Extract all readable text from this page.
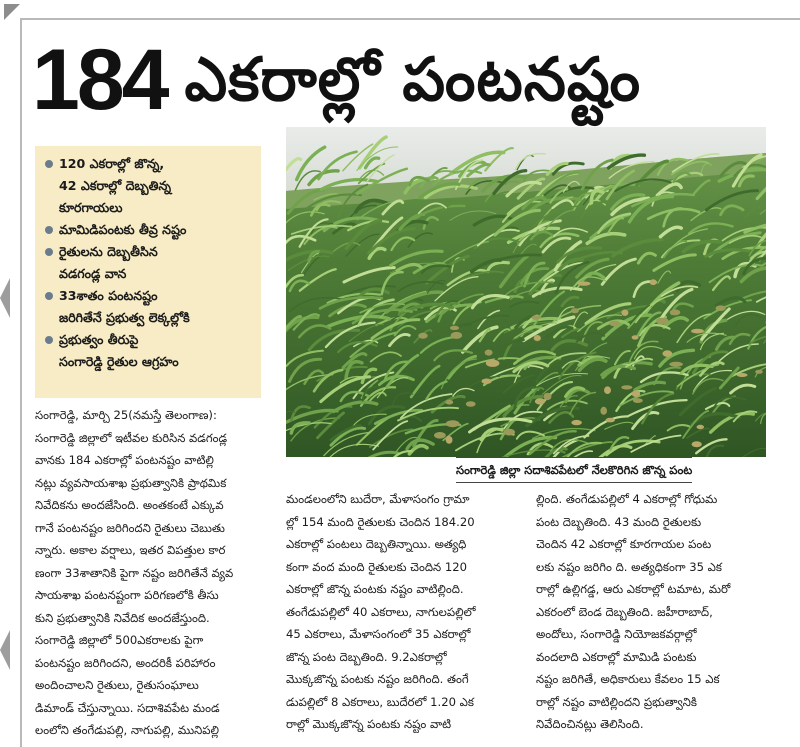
184 ఎకరాల్లో పంటనష్టం
120 ఎకరాల్లో జొన్న,
42 ఎకరాల్లో దెబ్బతిన్న
కూరగాయలు
మామిడిపంటకు తీవ్ర నష్టం
రైతులను దెబ్బతీసిన
వడగండ్ల వాన
33శాతం పంటనష్టం
జరిగితేనే ప్రభుత్వ లెక్కల్లోకి
ప్రభుత్వం తీరుపై
సంగారెడ్డి రైతుల ఆగ్రహం
సంగారెడ్డి జిల్లా సదాశివపేటలో నేలకొరిగిన జొన్న పంట

సంగారెడ్డి, మార్చి 25(నమస్తే తెలంగాణ):

సంగారెడ్డి జిల్లాలో ఇటీవల కురిసిన వడగండ్ల

వానకు 184 ఎకరాల్లో పంటనష్టం వాటిల్లి

నట్లు వ్యవసాయశాఖ ప్రభుత్వానికి ప్రాథమిక

నివేదికను అందజేసింది. అంతకంటే ఎక్కువ

గానే పంటనష్టం జరిగిందని రైతులు చెబుతు

న్నారు. అకాల వర్షాలు, ఇతర విపత్తుల కార

ణంగా 33శాతానికి పైగా నష్టం జరిగితేనే వ్యవ

సాయశాఖ పంటనష్టంగా పరిగణలోకి తీసు

కుని ప్రభుత్వానికి నివేదిక అందజేస్తుంది.

సంగారెడ్డి జిల్లాలో 500ఎకరాలకు పైగా

పంటనష్టం జరిగిందని, అందరికీ పరిహారం

అందించాలని రైతులు, రైతుసంఘాలు

డిమాండ్ చేస్తున్నాయి. సదాశివపేట మండ

లంలోని తంగేడుపల్లి, నాగుపల్లి, మునిపల్లి

మండలంలోని బుదేరా, మేళాసంగం గ్రామా

ల్లో 154 మంది రైతులకు చెందిన 184.20

ఎకరాల్లో పంటలు దెబ్బతిన్నాయి. అత్యధి

కంగా వంద మంది రైతులకు చెందిన 120

ఎకరాల్లో జొన్న పంటకు నష్టం వాటిల్లింది.

తంగేడుపల్లిలో 40 ఎకరాలు, నాగులపల్లిలో

45 ఎకరాలు, మేళాసంగంలో 35 ఎకరాల్లో

జొన్న పంట దెబ్బతింది. 9.2ఎకరాల్లో

మొక్కజొన్న పంటకు నష్టం జరిగింది. తంగే

డుపల్లిలో 8 ఎకరాలు, బుదేరలో 1.20 ఎక

రాల్లో మొక్కజొన్న పంటకు నష్టం వాటి

ల్లింది. తంగేడుపల్లిలో 4 ఎకరాల్లో గోధుమ

పంట దెబ్బతింది. 43 మంది రైతులకు

చెందిన 42 ఎకరాల్లో కూరగాయల పంట

లకు నష్టం జరిగిం ది. అత్యధికంగా 35 ఎక

రాల్లో ఉల్లిగడ్డ, ఆరు ఎకరాల్లో టమాట, మరో

ఎకరంలో బెండ దెబ్బతింది. జహీరాబాద్,

అందోలు, సంగారెడ్డి నియోజకవర్గాల్లో

వందలాది ఎకరాల్లో మామిడి పంటకు

నష్టం జరిగితే, అధికారులు కేవలం 15 ఎక

రాల్లో నష్టం వాటిల్లిందని ప్రభుత్వానికి

నివేదించినట్లు తెలిసింది.
